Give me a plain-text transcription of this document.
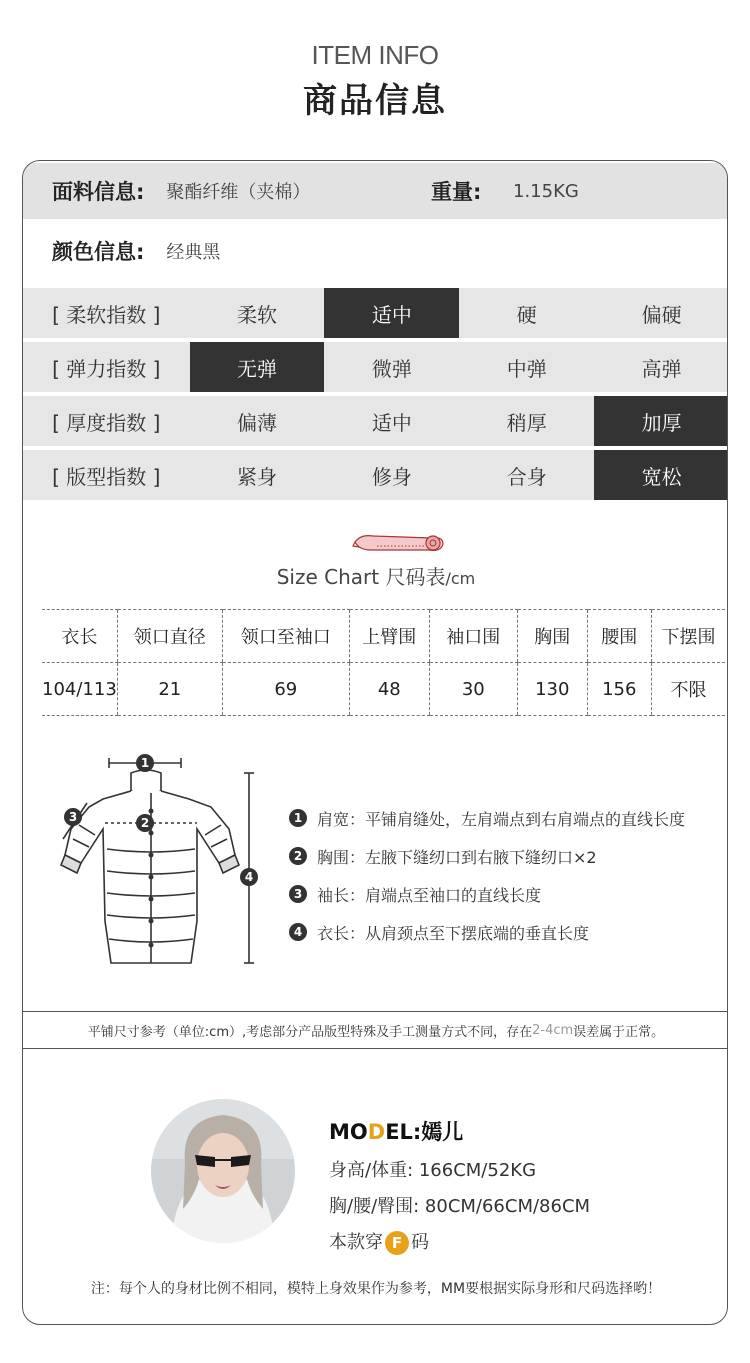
ITEM INFO
商品信息
面料信息: 聚酯纤维（夹棉）	重量: 1.15KG
颜色信息: 经典黑
[ 柔软指数 ]	柔软	适中	硬	偏硬
[ 弹力指数 ]	无弹	微弹	中弹	高弹
[ 厚度指数 ]	偏薄	适中	稍厚	加厚
[ 版型指数 ]	紧身	修身	合身	宽松
Size Chart 尺码表/cm
衣长	领口直径	领口至袖口	上臂围	袖口围	胸围	腰围	下摆围
104/113	21	69	48	30	130	156	不限
1
2
3
4
1 肩宽：平铺肩缝处，左肩端点到右肩端点的直线长度
2 胸围：左腋下缝纫口到右腋下缝纫口×2
3 袖长：肩端点至袖口的直线长度
4 衣长：从肩颈点至下摆底端的垂直长度
平铺尺寸参考（单位:cm）,考虑部分产品版型特殊及手工测量方式不同，存在 2-4cm 误差属于正常。
MODEL:嫣儿
身高/体重: 166CM/52KG
胸/腰/臀围: 80CM/66CM/86CM
本款穿 F 码
注：每个人的身材比例不相同，模特上身效果作为参考，MM要根据实际身形和尺码选择哟！
